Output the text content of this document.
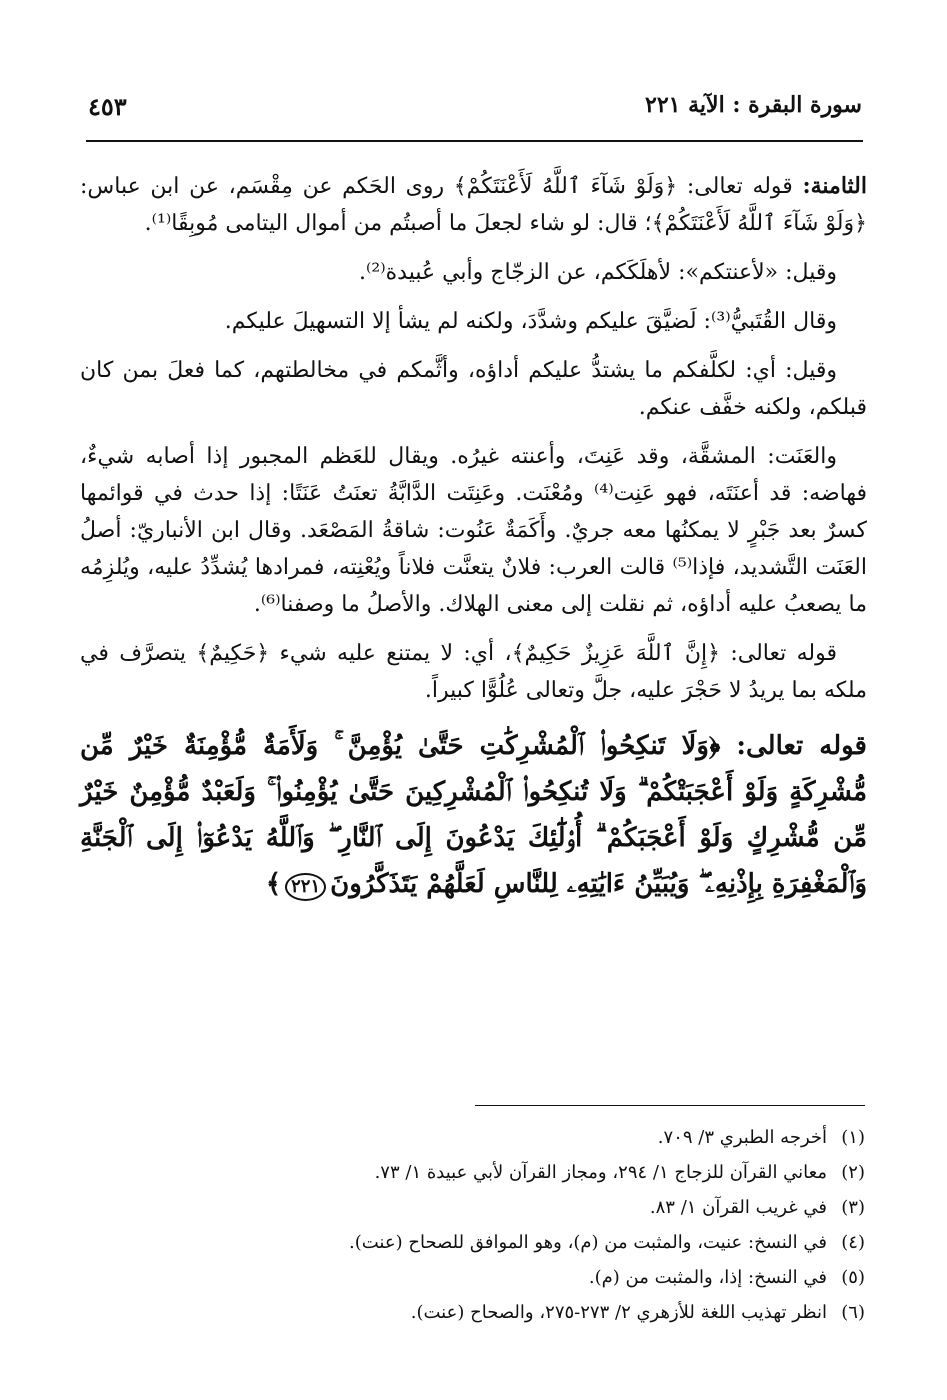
سورة البقرة : الآية ٢٢١
٤٥٣

الثامنة: قوله تعالى: ﴿وَلَوْ شَآءَ ٱللَّهُ لَأَعْنَتَكُمْ﴾ روى الحَكم عن مِقْسَم، عن ابن عباس: ﴿وَلَوْ شَآءَ ٱللَّهُ لَأَعْنَتَكُمْ﴾؛ قال: لو شاء لجعلَ ما أصبتُم من أموال اليتامى مُوبِقًا⁽¹⁾.

وقيل: «لأعنتكم»: لأهلَكَكم، عن الزجّاج وأبي عُبيدة⁽²⁾.

وقال القُتَبيُّ⁽³⁾: لَضيَّقَ عليكم وشدَّدَ، ولكنه لم يشأ إلا التسهيلَ عليكم.

وقيل: أي: لكلَّفكم ما يشتدُّ عليكم أداؤه، وأثَّمكم في مخالطتهم، كما فعلَ بمن كان قبلكم، ولكنه خفَّف عنكم.

والعَنَت: المشقَّة، وقد عَنِتَ، وأعنته غيرُه. ويقال للعَظم المجبور إذا أصابه شيءٌ، فهاضه: قد أعنَتَه، فهو عَنِت⁽⁴⁾ ومُعْنَت. وعَنِتَت الدَّابَّةُ تعنَتُ عَنَتًا: إذا حدث في قوائمها كسرٌ بعد جَبْرٍ لا يمكنُها معه جريٌ. وأَكَمَةٌ عَنُوت: شاقةُ المَصْعَد. وقال ابن الأنباريّ: أصلُ العَنَت التَّشديد، فإذا⁽⁵⁾ قالت العرب: فلانٌ يتعنَّت فلاناً ويُعْنِته، فمرادها يُشدِّدُ عليه، ويُلزِمُه ما يصعبُ عليه أداؤه، ثم نقلت إلى معنى الهلاك. والأصلُ ما وصفنا⁽⁶⁾.

قوله تعالى: ﴿إِنَّ ٱللَّهَ عَزِيزٌ حَكِيمٌ﴾، أي: لا يمتنع عليه شيء ﴿حَكِيمٌ﴾ يتصرَّف في ملكه بما يريدُ لا حَجْرَ عليه، جلَّ وتعالى عُلُوًّا كبيراً.

قوله تعالى: ﴿وَلَا تَنكِحُوا۟ ٱلْمُشْرِكَٰتِ حَتَّىٰ يُؤْمِنَّ ۚ وَلَأَمَةٌ مُّؤْمِنَةٌ خَيْرٌ مِّن مُّشْرِكَةٍ وَلَوْ أَعْجَبَتْكُمْ ۗ وَلَا تُنكِحُوا۟ ٱلْمُشْرِكِينَ حَتَّىٰ يُؤْمِنُوا۟ ۚ وَلَعَبْدٌ مُّؤْمِنٌ خَيْرٌ مِّن مُّشْرِكٍ وَلَوْ أَعْجَبَكُمْ ۗ أُو۟لَٰٓئِكَ يَدْعُونَ إِلَى ٱلنَّارِ ۖ وَٱللَّهُ يَدْعُوٓا۟ إِلَى ٱلْجَنَّةِ وَٱلْمَغْفِرَةِ بِإِذْنِهِۦ ۖ وَيُبَيِّنُ ءَايَٰتِهِۦ لِلنَّاسِ لَعَلَّهُمْ يَتَذَكَّرُونَ٢٢١﴾

(١)أخرجه الطبري ٣/ ٧٠٩.
(٢)معاني القرآن للزجاج ١/ ٢٩٤، ومجاز القرآن لأبي عبيدة ١/ ٧٣.
(٣)في غريب القرآن ١/ ٨٣.
(٤)في النسخ: عنيت، والمثبت من (م)، وهو الموافق للصحاح (عنت).
(٥)في النسخ: إذا، والمثبت من (م).
(٦)انظر تهذيب اللغة للأزهري ٢/ ٢٧٣-٢٧٥، والصحاح (عنت).
